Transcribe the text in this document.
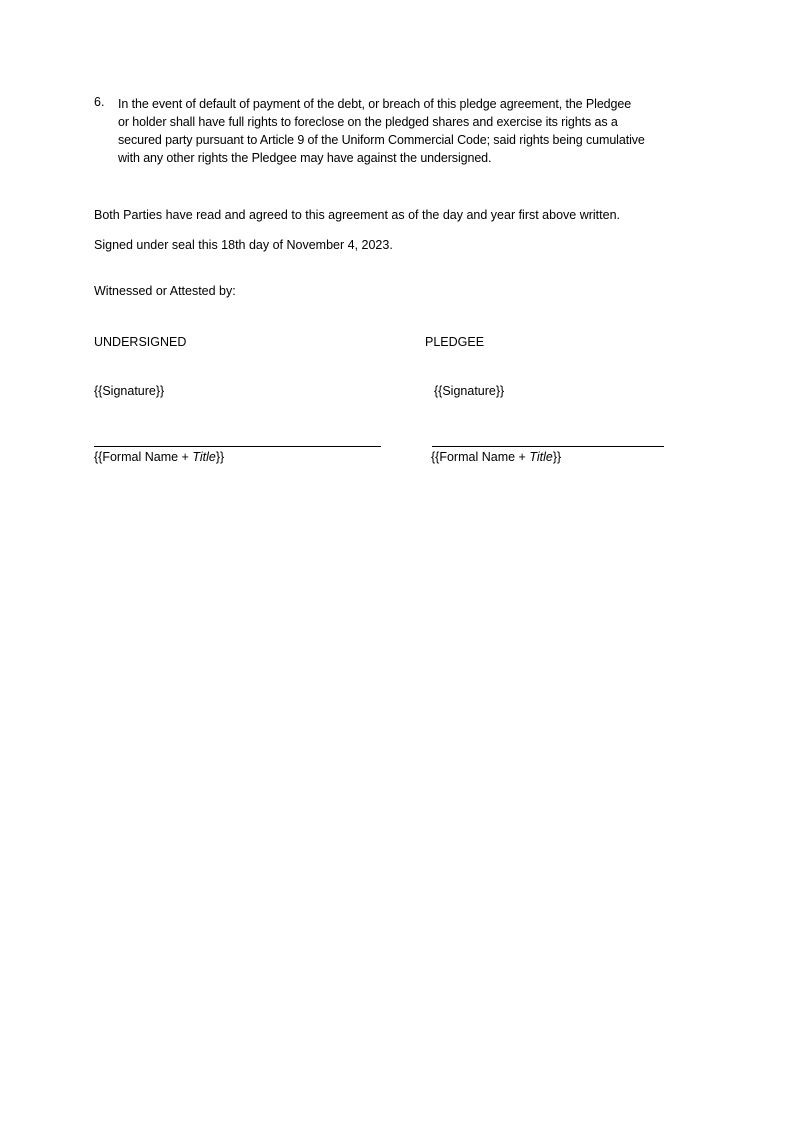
6. In the event of default of payment of the debt, or breach of this pledge agreement, the Pledgee
or holder shall have full rights to foreclose on the pledged shares and exercise its rights as a
secured party pursuant to Article 9 of the Uniform Commercial Code; said rights being cumulative
with any other rights the Pledgee may have against the undersigned.
Both Parties have read and agreed to this agreement as of the day and year first above written.
Signed under seal this 18th day of November 4, 2023.
Witnessed or Attested by:
UNDERSIGNED
{{Signature}}
{{Formal Name + Title}}
PLEDGEE
{{Signature}}
{{Formal Name + Title}}
